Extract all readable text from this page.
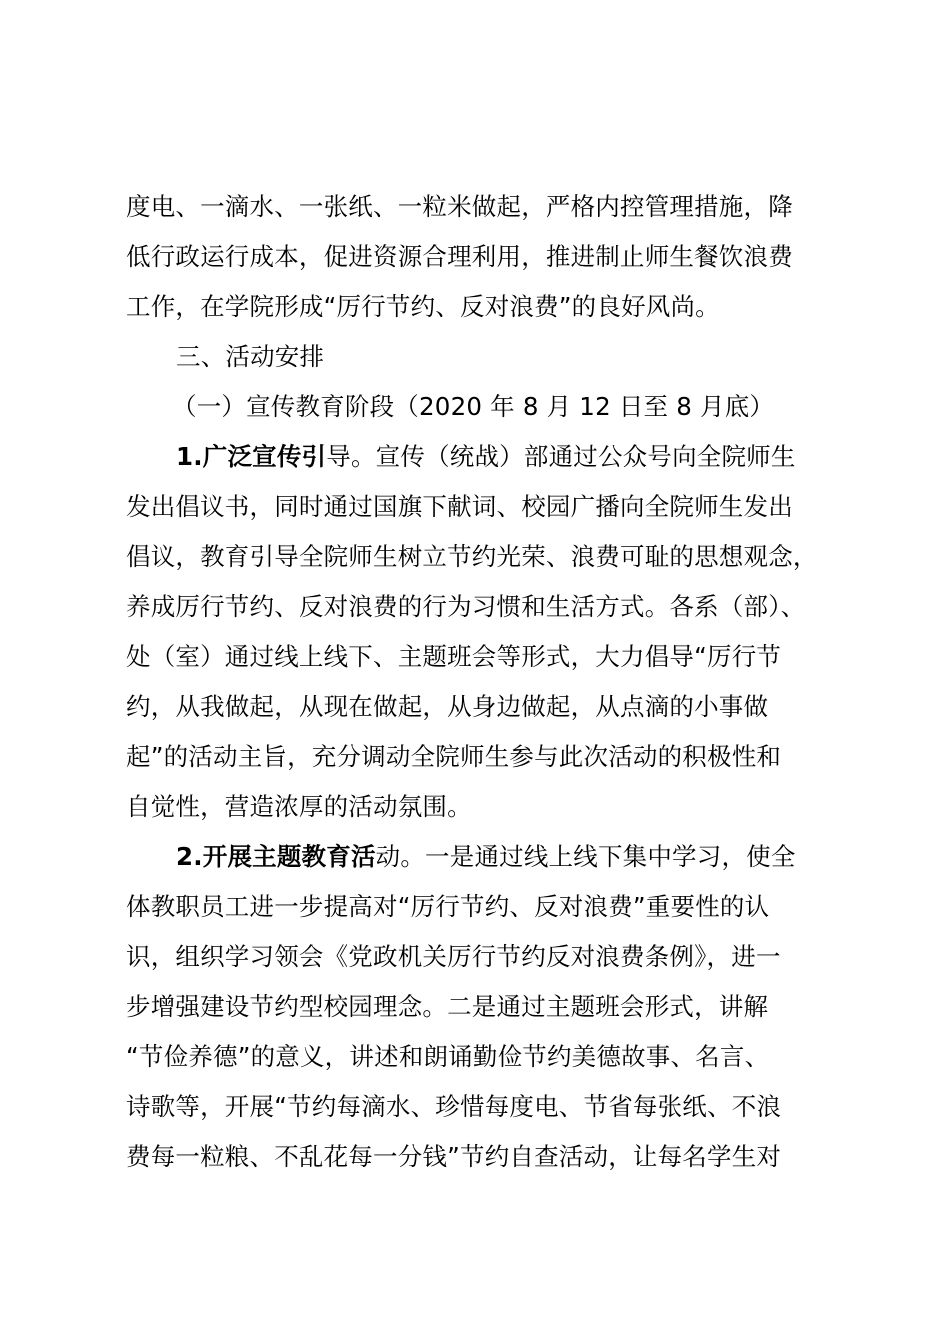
度电、一滴水、一张纸、一粒米做起，严格内控管理措施，降
低行政运行成本，促进资源合理利用，推进制止师生餐饮浪费
工作，在学院形成“厉行节约、反对浪费”的良好风尚。
三、活动安排
（一）宣传教育阶段（2020 年 8 月 12 日至 8 月底）
1.广泛宣传引导。宣传（统战）部通过公众号向全院师生
发出倡议书，同时通过国旗下献词、校园广播向全院师生发出
倡议，教育引导全院师生树立节约光荣、浪费可耻的思想观念，
养成厉行节约、反对浪费的行为习惯和生活方式。各系（部）、
处（室）通过线上线下、主题班会等形式，大力倡导“厉行节
约，从我做起，从现在做起，从身边做起，从点滴的小事做
起”的活动主旨，充分调动全院师生参与此次活动的积极性和
自觉性，营造浓厚的活动氛围。
2.开展主题教育活动。一是通过线上线下集中学习，使全
体教职员工进一步提高对“厉行节约、反对浪费”重要性的认
识，组织学习领会《党政机关厉行节约反对浪费条例》，进一
步增强建设节约型校园理念。二是通过主题班会形式，讲解
“节俭养德”的意义，讲述和朗诵勤俭节约美德故事、名言、
诗歌等，开展“节约每滴水、珍惜每度电、节省每张纸、不浪
费每一粒粮、不乱花每一分钱”节约自查活动，让每名学生对
